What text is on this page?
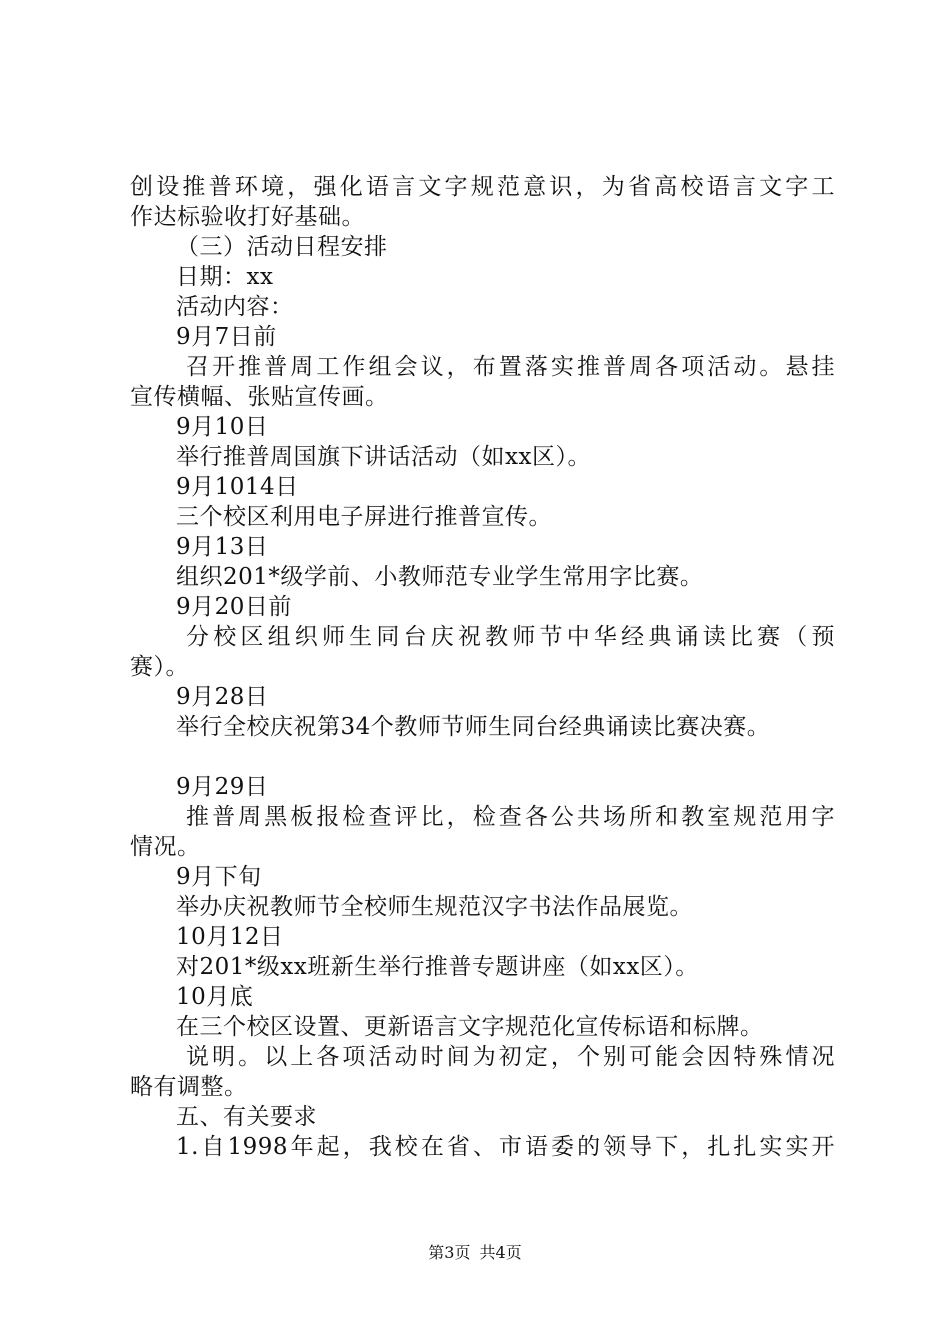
创设推普环境，强化语言文字规范意识，为省高校语言文字工
作达标验收打好基础。
（三）活动日程安排
日期：xx
活动内容：
9月7日前
召开推普周工作组会议，布置落实推普周各项活动。悬挂
宣传横幅、张贴宣传画。
9月10日
举行推普周国旗下讲话活动（如xx区）。
9月1014日
三个校区利用电子屏进行推普宣传。
9月13日
组织201*级学前、小教师范专业学生常用字比赛。
9月20日前
分校区组织师生同台庆祝教师节中华经典诵读比赛（预
赛）。
9月28日
举行全校庆祝第34个教师节师生同台经典诵读比赛决赛。
9月29日
推普周黑板报检查评比，检查各公共场所和教室规范用字
情况。
9月下旬
举办庆祝教师节全校师生规范汉字书法作品展览。
10月12日
对201*级xx班新生举行推普专题讲座（如xx区）。
10月底
在三个校区设置、更新语言文字规范化宣传标语和标牌。
说明。以上各项活动时间为初定，个别可能会因特殊情况
略有调整。
五、有关要求
1.自1998年起，我校在省、市语委的领导下，扎扎实实开
第3页 共4页
